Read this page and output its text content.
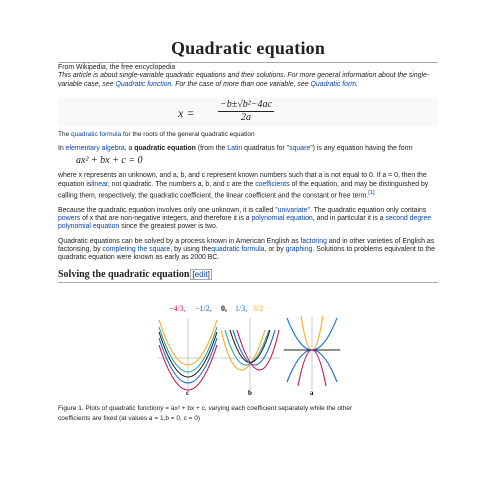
Quadratic equation
From Wikipedia, the free encyclopedia
This article is about single-variable quadratic equations and their solutions. For more general information about the single-variable case, see Quadratic function. For the case of more than one variable, see Quadratic form.
$x = \frac{\text{−b±√b²−4ac}}{2a}$
The quadratic formula for the roots of the general quadratic equation

In elementary algebra, a quadratic equation (from the Latin quadratus for "square") is any equation having the form

ax² + bx + c = 0

where x represents an unknown, and a, b, and c represent known numbers such that a is not equal to 0. If a = 0, then the equation islinear, not quadratic. The numbers a, b, and c are the coefficients of the equation, and may be distinguished by calling them, respectively, the quadratic coefficient, the linear coefficient and the constant or free term.[1]

Because the quadratic equation involves only one unknown, it is called "univariate". The quadratic equation only contains powers of x that are non-negative integers, and therefore it is a polynomial equation, and in particular it is a second degree polynomial equation since the greatest power is two.

Quadratic equations can be solved by a process known in American English as factoring and in other varieties of English as factorising, by completing the square, by using thequadratic formula, or by graphing. Solutions to problems equivalent to the quadratic equation were known as early as 2000 BC.

Solving the quadratic equation [edit]
−4/3, −1/2, 0, 1/3, 3/2
c	b	a
Figure 1. Plots of quadratic functiony = ax² + bx + c, varying each coefficient separately while the other
coefficients are fixed (at values a = 1,b = 0, c = 0)
